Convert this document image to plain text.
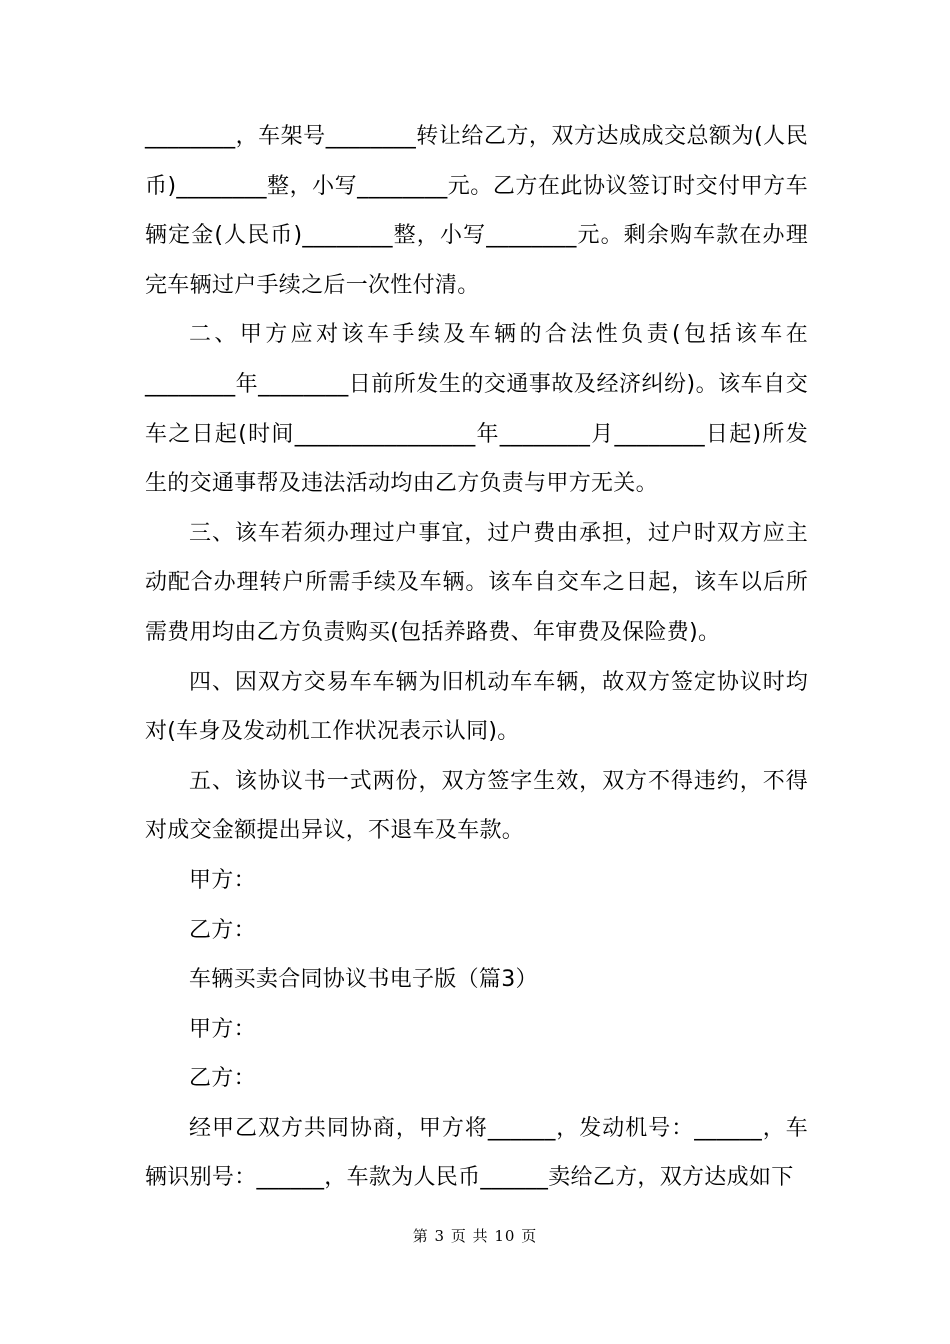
________，车架号________转让给乙方，双方达成成交总额为(人民币)________整，小写________元。乙方在此协议签订时交付甲方车辆定金(人民币)________整，小写________元。剩余购车款在办理完车辆过户手续之后一次性付清。

二、甲方应对该车手续及车辆的合法性负责(包括该车在________年________日前所发生的交通事故及经济纠纷)。该车自交车之日起(时间________________年________月________日起)所发生的交通事帮及违法活动均由乙方负责与甲方无关。

三、该车若须办理过户事宜，过户费由承担，过户时双方应主动配合办理转户所需手续及车辆。该车自交车之日起，该车以后所需费用均由乙方负责购买(包括养路费、年审费及保险费)。

四、因双方交易车车辆为旧机动车车辆，故双方签定协议时均对(车身及发动机工作状况表示认同)。

五、该协议书一式两份，双方签字生效，双方不得违约，不得对成交金额提出异议，不退车及车款。

甲方：

乙方：

车辆买卖合同协议书电子版（篇3）

甲方：

乙方：

经甲乙双方共同协商，甲方将______，发动机号：______，车辆识别号：______，车款为人民币______卖给乙方，双方达成如下

第 3 页 共 10 页
